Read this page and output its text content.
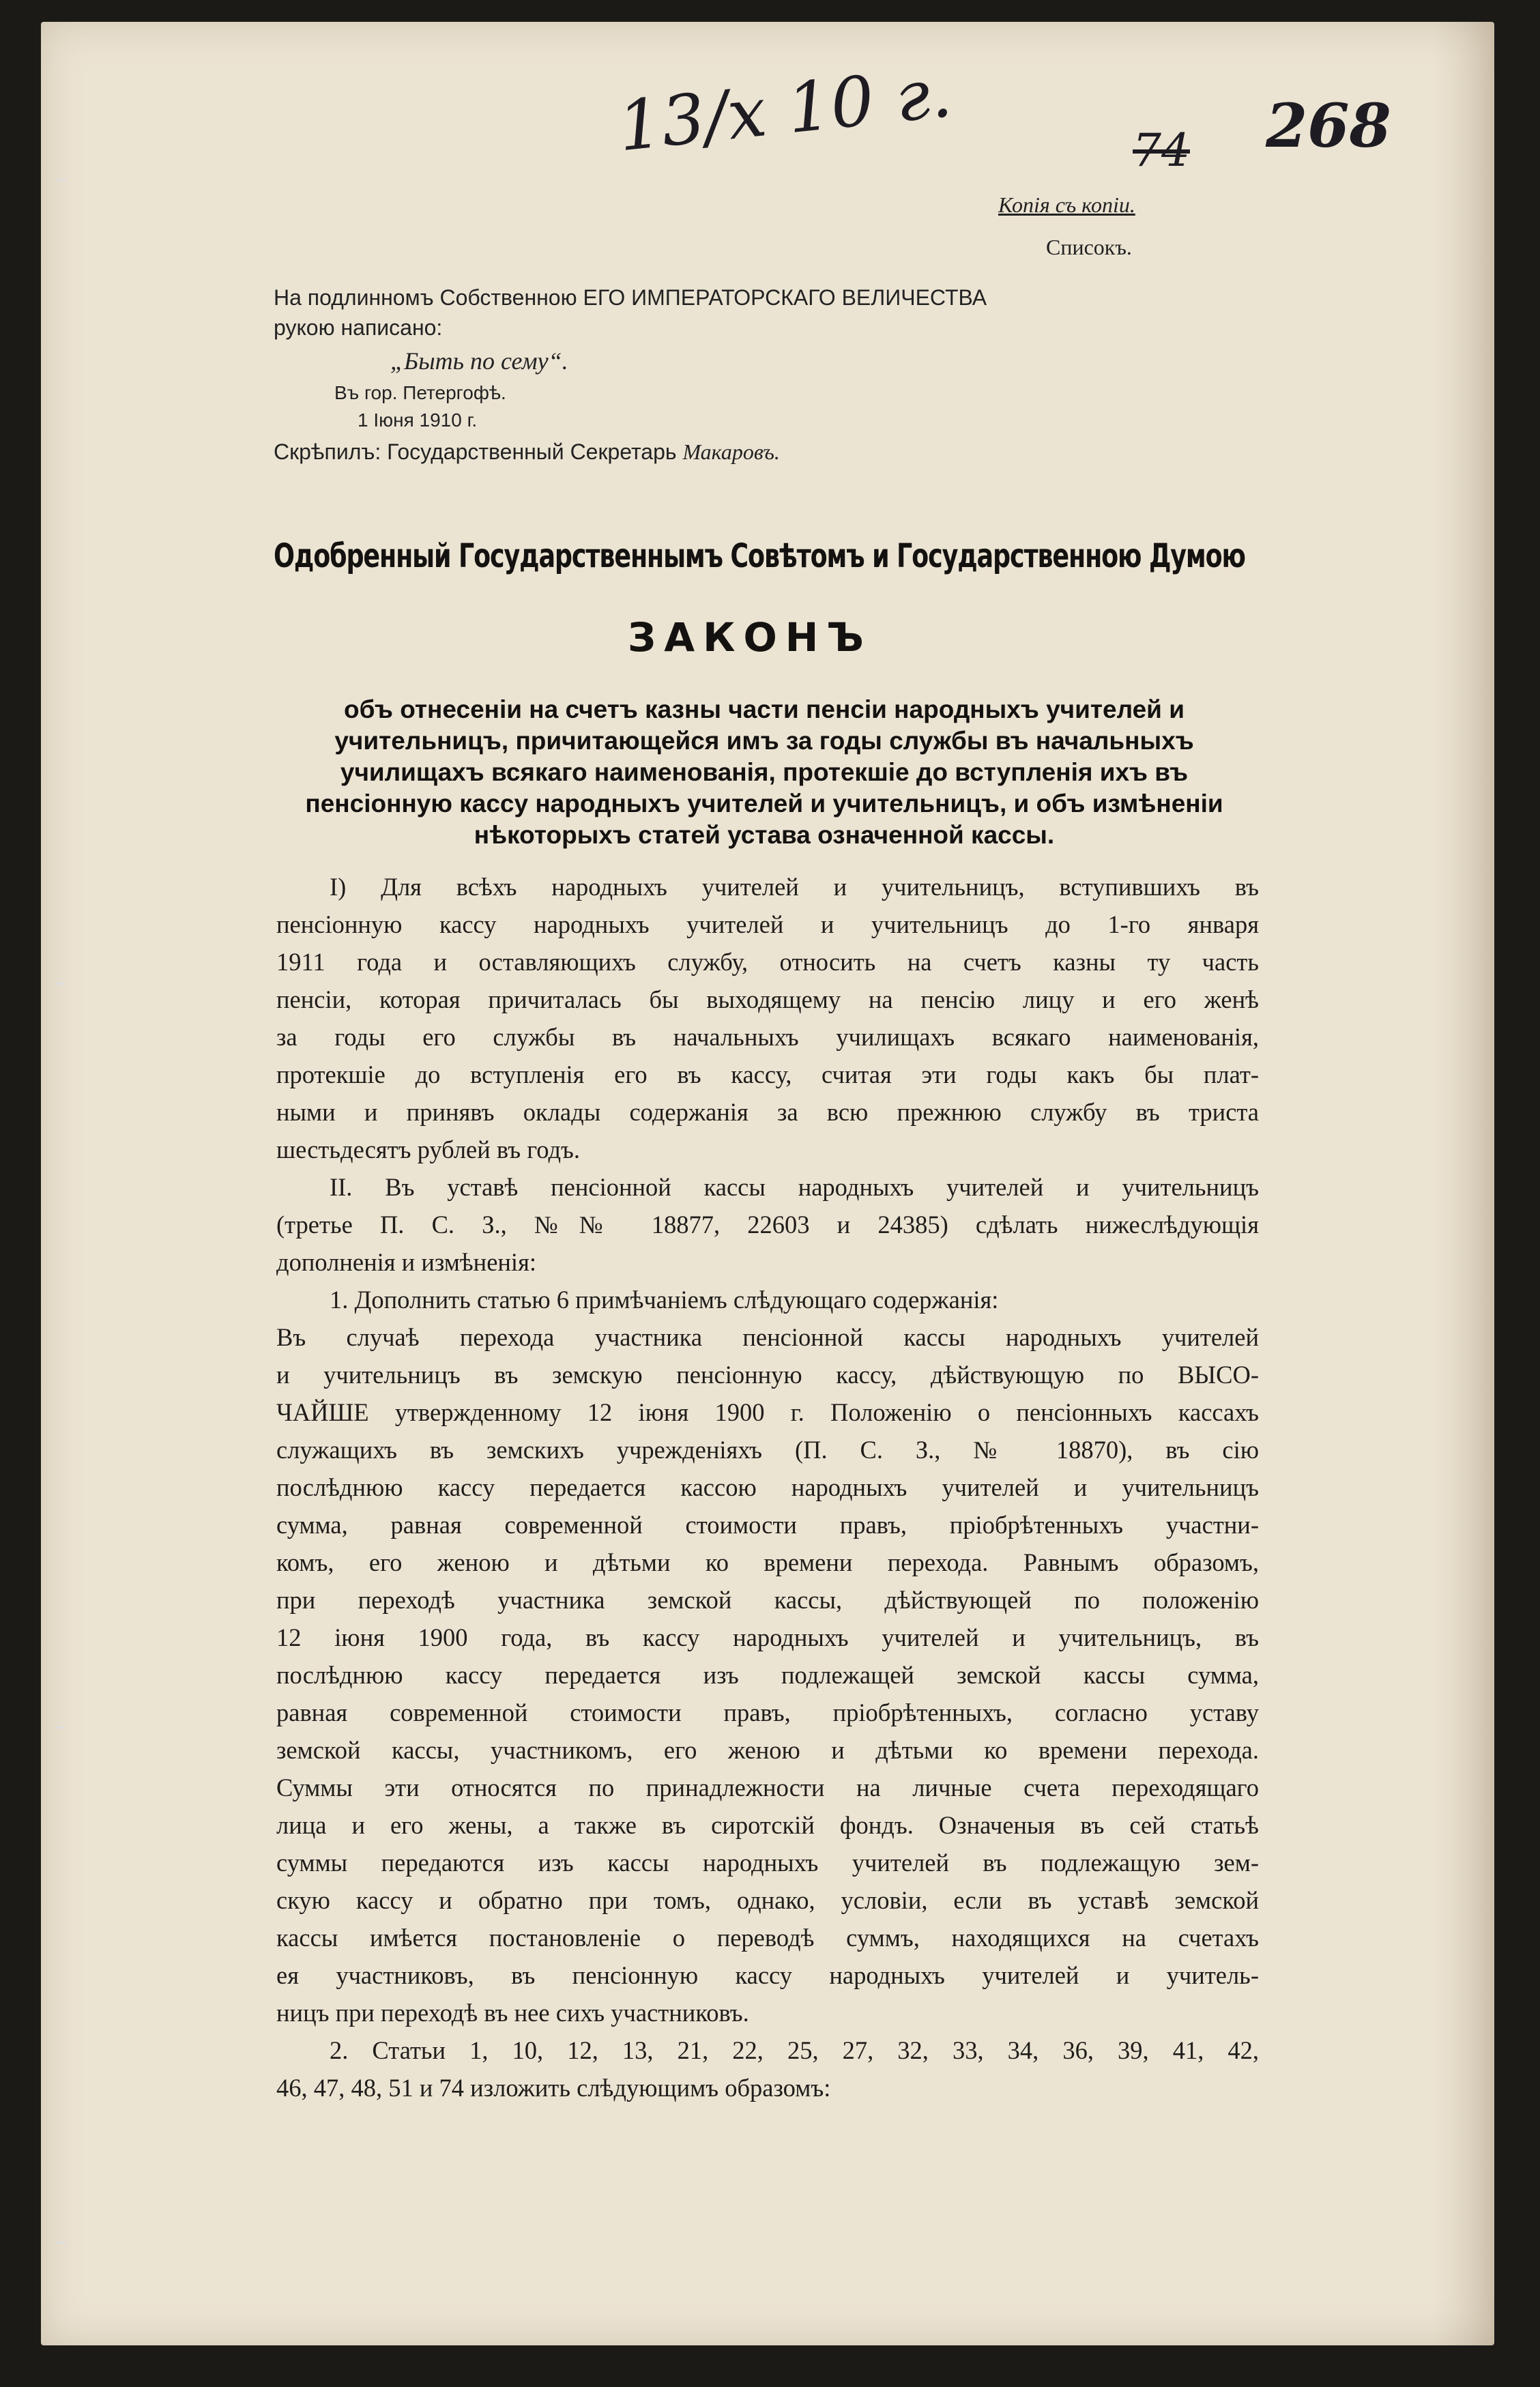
13/х 10 г.	74 268
Копія съ копіи.
Списокъ.
На подлинномъ Собственною ЕГО ИМПЕРАТОРСКАГО ВЕЛИЧЕСТВА
рукою написано:
„Быть по сему“.
Въ гор. Петергофѣ.
1 Іюня 1910 г.
Скрѣпилъ: Государственный Секретарь Макаровъ.
Одобренный Государственнымъ Совѣтомъ и Государственною Думою
ЗАКОНЪ
объ отнесеніи на счетъ казны части пенсіи народныхъ учителей и
учительницъ, причитающейся имъ за годы службы въ начальныхъ
училищахъ всякаго наименованія, протекшіе до вступленія ихъ въ
пенсіонную кассу народныхъ учителей и учительницъ, и объ измѣненіи
нѣкоторыхъ статей устава означенной кассы.
I) Для всѣхъ народныхъ учителей и учительницъ, вступившихъ въ
пенсіонную кассу народныхъ учителей и учительницъ до 1-го января
1911 года и оставляющихъ службу, относить на счетъ казны ту часть
пенсіи, которая причиталась бы выходящему на пенсію лицу и его женѣ
за годы его службы въ начальныхъ училищахъ всякаго наименованія,
протекшіе до вступленія его въ кассу, считая эти годы какъ бы плат-
ными и принявъ оклады содержанія за всю прежнюю службу въ триста
шестьдесятъ рублей въ годъ.
II. Въ уставѣ пенсіонной кассы народныхъ учителей и учительницъ
(третье П. С. З., №№ 18877, 22603 и 24385) сдѣлать нижеслѣдующія
дополненія и измѣненія:
1. Дополнить статью 6 примѣчаніемъ слѣдующаго содержанія:
Въ случаѣ перехода участника пенсіонной кассы народныхъ учителей
и учительницъ въ земскую пенсіонную кассу, дѣйствующую по ВЫСО-
ЧАЙШЕ утвержденному 12 іюня 1900 г. Положенію о пенсіонныхъ кассахъ
служащихъ въ земскихъ учрежденіяхъ (П. С. З., № 18870), въ сію
послѣднюю кассу передается кассою народныхъ учителей и учительницъ
сумма, равная современной стоимости правъ, пріобрѣтенныхъ участни-
комъ, его женою и дѣтьми ко времени перехода. Равнымъ образомъ,
при переходѣ участника земской кассы, дѣйствующей по положенію
12 іюня 1900 года, въ кассу народныхъ учителей и учительницъ, въ
послѣднюю кассу передается изъ подлежащей земской кассы сумма,
равная современной стоимости правъ, пріобрѣтенныхъ, согласно уставу
земской кассы, участникомъ, его женою и дѣтьми ко времени перехода.
Суммы эти относятся по принадлежности на личные счета переходящаго
лица и его жены, а также въ сиротскій фондъ. Означеныя въ сей статьѣ
суммы передаются изъ кассы народныхъ учителей въ подлежащую зем-
скую кассу и обратно при томъ, однако, условіи, если въ уставѣ земской
кассы имѣется постановленіе о переводѣ суммъ, находящихся на счетахъ
ея участниковъ, въ пенсіонную кассу народныхъ учителей и учитель-
ницъ при переходѣ въ нее сихъ участниковъ.
2. Статьи 1, 10, 12, 13, 21, 22, 25, 27, 32, 33, 34, 36, 39, 41, 42,
46, 47, 48, 51 и 74 изложить слѣдующимъ образомъ:
